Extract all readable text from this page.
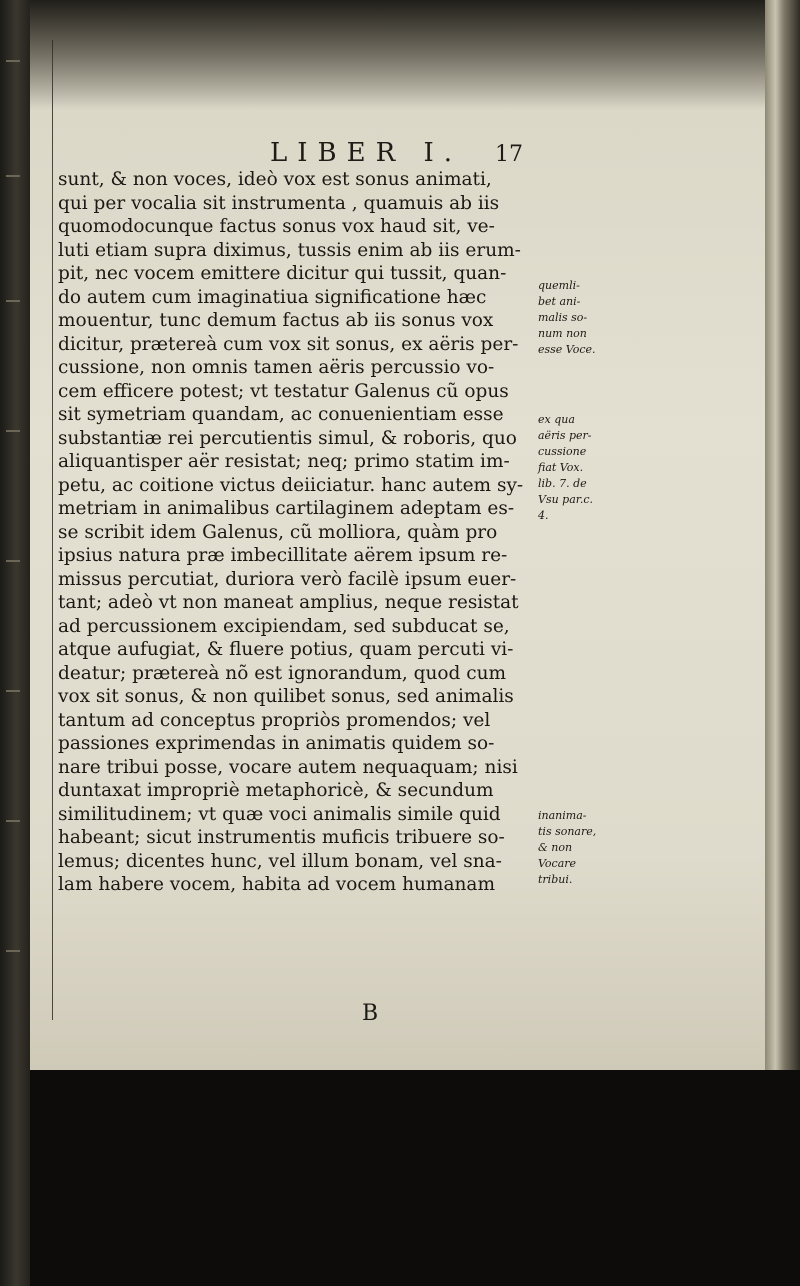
LIBER I. 17
sunt, & non voces, ideò vox est sonus animati,
qui per vocalia sit instrumenta , quamuis ab iis
quomodocunque factus sonus vox haud sit, ve-
luti etiam supra diximus, tussis enim ab iis erum-
pit, nec vocem emittere dicitur qui tussit, quan-
do autem cum imaginatiua significatione hæc
mouentur, tunc demum factus ab iis sonus vox
dicitur, prætereà cum vox sit sonus, ex aëris per-
cussione, non omnis tamen aëris percussio vo-
cem efficere potest; vt testatur Galenus cũ opus
sit symetriam quandam, ac conuenientiam esse
substantiæ rei percutientis simul, & roboris, quo
aliquantisper aër resistat; neq; primo statim im-
petu, ac coitione victus deiiciatur. hanc autem sy-
metriam in animalibus cartilaginem adeptam es-
se scribit idem Galenus, cũ molliora, quàm pro
ipsius natura præ imbecillitate aërem ipsum re-
missus percutiat, duriora verò facilè ipsum euer-
tant; adeò vt non maneat amplius, neque resistat
ad percussionem excipiendam, sed subducat se,
atque aufugiat, & fluere potius, quam percuti vi-
deatur; prætereà nõ est ignorandum, quod cum
vox sit sonus, & non quilibet sonus, sed animalis
tantum ad conceptus propriòs promendos; vel
passiones exprimendas in animatis quidem so-
nare tribui posse, vocare autem nequaquam; nisi
duntaxat impropriè metaphoricè, & secundum
similitudinem; vt quæ voci animalis simile quid
habeant; sicut instrumentis muficis tribuere so-
lemus; dicentes hunc, vel illum bonam, vel sna-
lam habere vocem, habita ad vocem humanam
quemli-
bet ani-
malis so-
num non
esse Voce.
ex qua
aëris per-
cussione
fiat Vox.
lib. 7. de
Vsu par.c.
4.
inanima-
tis sonare,
& non
Vocare
tribui.
B
